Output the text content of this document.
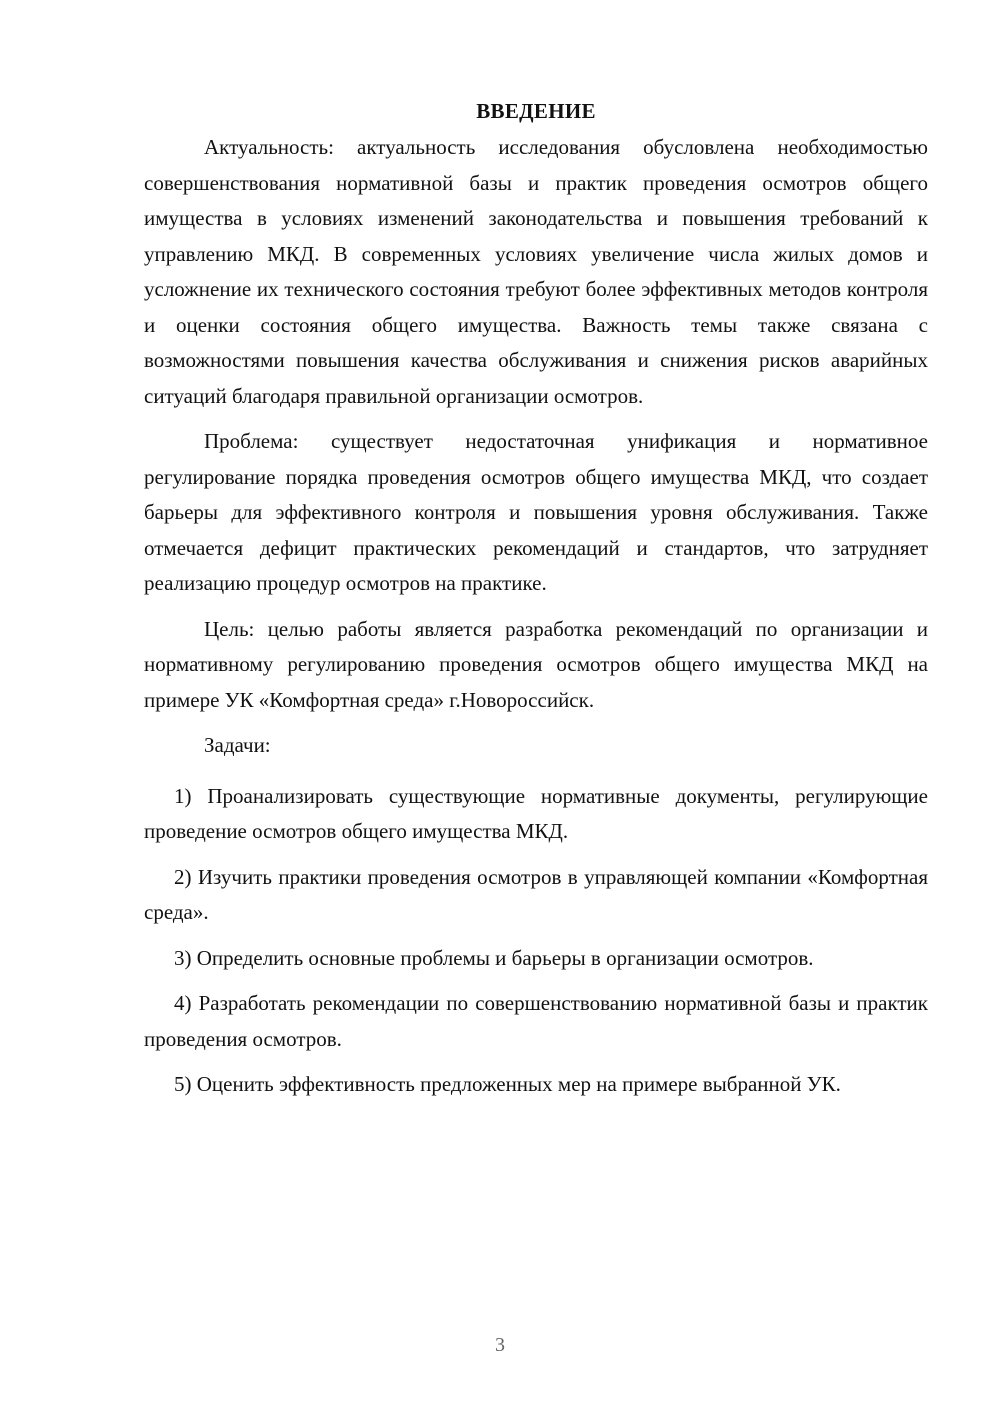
ВВЕДЕНИЕ

Актуальность: актуальность исследования обусловлена необходимостью совершенствования нормативной базы и практик проведения осмотров общего имущества в условиях изменений законодательства и повышения требований к управлению МКД. В современных условиях увеличение числа жилых домов и усложнение их технического состояния требуют более эффективных методов контроля и оценки состояния общего имущества. Важность темы также связана с возможностями повышения качества обслуживания и снижения рисков аварийных ситуаций благодаря правильной организации осмотров.

Проблема: существует недостаточная унификация и нормативное регулирование порядка проведения осмотров общего имущества МКД, что создает барьеры для эффективного контроля и повышения уровня обслуживания. Также отмечается дефицит практических рекомендаций и стандартов, что затрудняет реализацию процедур осмотров на практике.

Цель: целью работы является разработка рекомендаций по организации и нормативному регулированию проведения осмотров общего имущества МКД на примере УК «Комфортная среда» г.Новороссийск.

Задачи:

1) Проанализировать существующие нормативные документы, регулирующие проведение осмотров общего имущества МКД.

2) Изучить практики проведения осмотров в управляющей компании «Комфортная среда».

3) Определить основные проблемы и барьеры в организации осмотров.

4) Разработать рекомендации по совершенствованию нормативной базы и практик проведения осмотров.

5) Оценить эффективность предложенных мер на примере выбранной УК.

3
